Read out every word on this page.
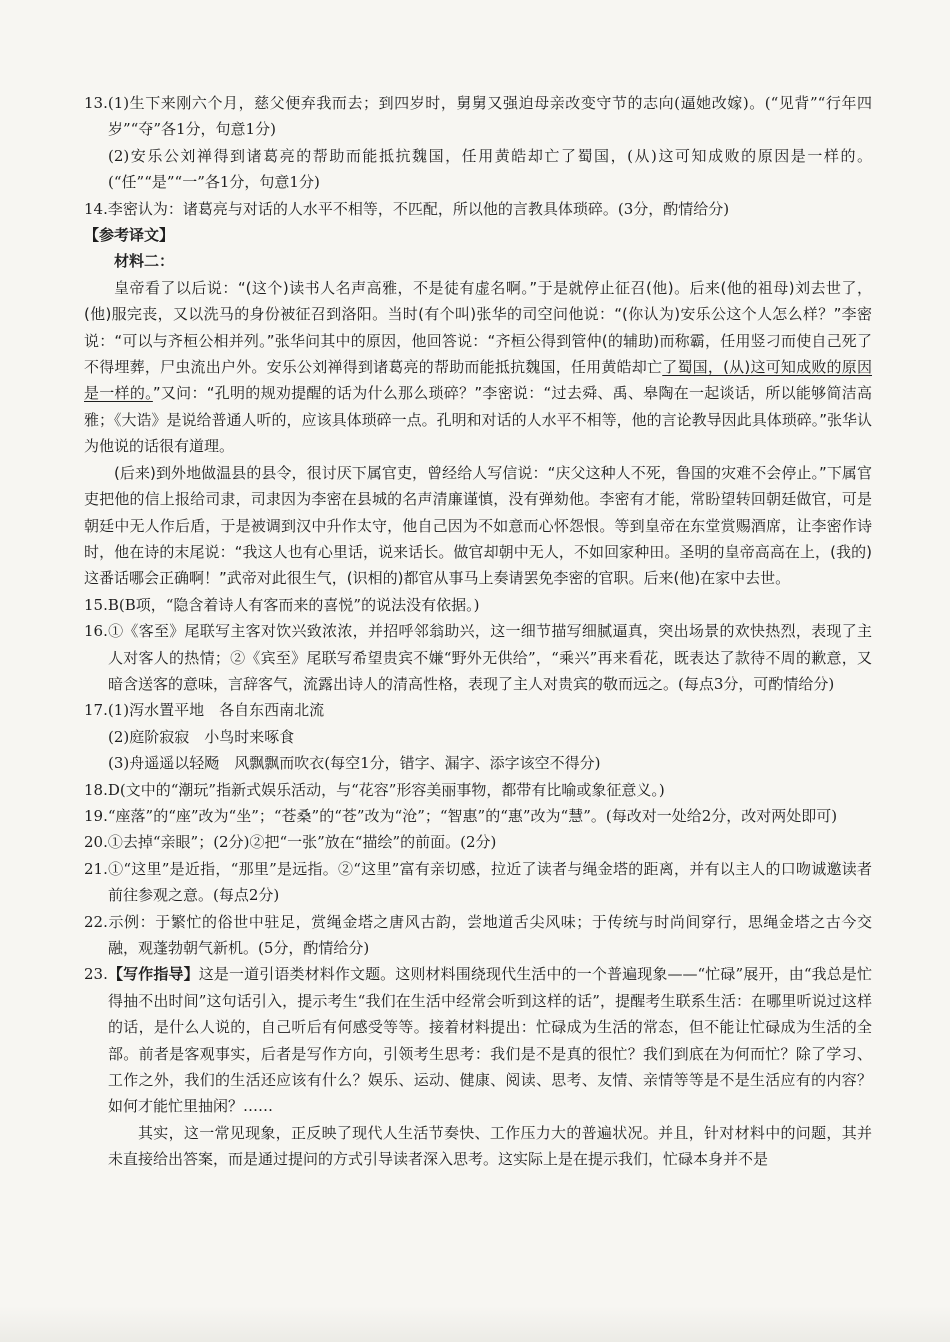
13.(1)生下来刚六个月，慈父便弃我而去；到四岁时，舅舅又强迫母亲改变守节的志向(逼她改嫁)。(“见背”“行年四岁”“夺”各1分，句意1分)

(2)安乐公刘禅得到诸葛亮的帮助而能抵抗魏国，任用黄皓却亡了蜀国，(从)这可知成败的原因是一样的。(“任”“是”“一”各1分，句意1分)

14.李密认为：诸葛亮与对话的人水平不相等，不匹配，所以他的言教具体琐碎。(3分，酌情给分)

【参考译文】

材料二：

皇帝看了以后说：“(这个)读书人名声高雅，不是徒有虚名啊。”于是就停止征召(他)。后来(他的祖母)刘去世了，(他)服完丧，又以洗马的身份被征召到洛阳。当时(有个叫)张华的司空问他说：“(你认为)安乐公这个人怎么样？”李密说：“可以与齐桓公相并列。”张华问其中的原因，他回答说：“齐桓公得到管仲(的辅助)而称霸，任用竖刁而使自己死了不得埋葬，尸虫流出户外。安乐公刘禅得到诸葛亮的帮助而能抵抗魏国，任用黄皓却亡了蜀国，(从)这可知成败的原因是一样的。”又问：“孔明的规劝提醒的话为什么那么琐碎？”李密说：“过去舜、禹、皋陶在一起谈话，所以能够简洁高雅；《大诰》是说给普通人听的，应该具体琐碎一点。孔明和对话的人水平不相等，他的言论教导因此具体琐碎。”张华认为他说的话很有道理。

(后来)到外地做温县的县令，很讨厌下属官吏，曾经给人写信说：“庆父这种人不死，鲁国的灾难不会停止。”下属官吏把他的信上报给司隶，司隶因为李密在县城的名声清廉谨慎，没有弹劾他。李密有才能，常盼望转回朝廷做官，可是朝廷中无人作后盾，于是被调到汉中升作太守，他自己因为不如意而心怀怨恨。等到皇帝在东堂赏赐酒席，让李密作诗时，他在诗的末尾说：“我这人也有心里话，说来话长。做官却朝中无人，不如回家种田。圣明的皇帝高高在上，(我的)这番话哪会正确啊！”武帝对此很生气，(识相的)都官从事马上奏请罢免李密的官职。后来(他)在家中去世。

15.B(B项，“隐含着诗人有客而来的喜悦”的说法没有依据。)

16.①《客至》尾联写主客对饮兴致浓浓，并招呼邻翁助兴，这一细节描写细腻逼真，突出场景的欢快热烈，表现了主人对客人的热情；②《宾至》尾联写希望贵宾不嫌“野外无供给”，“乘兴”再来看花，既表达了款待不周的歉意，又暗含送客的意味，言辞客气，流露出诗人的清高性格，表现了主人对贵宾的敬而远之。(每点3分，可酌情给分)

17.(1)泻水置平地　各自东西南北流

(2)庭阶寂寂　小鸟时来啄食

(3)舟遥遥以轻飏　风飘飘而吹衣(每空1分，错字、漏字、添字该空不得分)

18.D(文中的“潮玩”指新式娱乐活动，与“花容”形容美丽事物，都带有比喻或象征意义。)

19.“座落”的“座”改为“坐”；“苍桑”的“苍”改为“沧”；“智惠”的“惠”改为“慧”。(每改对一处给2分，改对两处即可)

20.①去掉“亲眼”；(2分)②把“一张”放在“描绘”的前面。(2分)

21.①“这里”是近指，“那里”是远指。②“这里”富有亲切感，拉近了读者与绳金塔的距离，并有以主人的口吻诚邀读者前往参观之意。(每点2分)

22.示例：于繁忙的俗世中驻足，赏绳金塔之唐风古韵，尝地道舌尖风味；于传统与时尚间穿行，思绳金塔之古今交融，观蓬勃朝气新机。(5分，酌情给分)

23.【写作指导】这是一道引语类材料作文题。这则材料围绕现代生活中的一个普遍现象——“忙碌”展开，由“我总是忙得抽不出时间”这句话引入，提示考生“我们在生活中经常会听到这样的话”，提醒考生联系生活：在哪里听说过这样的话，是什么人说的，自己听后有何感受等等。接着材料提出：忙碌成为生活的常态，但不能让忙碌成为生活的全部。前者是客观事实，后者是写作方向，引领考生思考：我们是不是真的很忙？我们到底在为何而忙？除了学习、工作之外，我们的生活还应该有什么？娱乐、运动、健康、阅读、思考、友情、亲情等等是不是生活应有的内容？如何才能忙里抽闲？……

其实，这一常见现象，正反映了现代人生活节奏快、工作压力大的普遍状况。并且，针对材料中的问题，其并未直接给出答案，而是通过提问的方式引导读者深入思考。这实际上是在提示我们，忙碌本身并不是
